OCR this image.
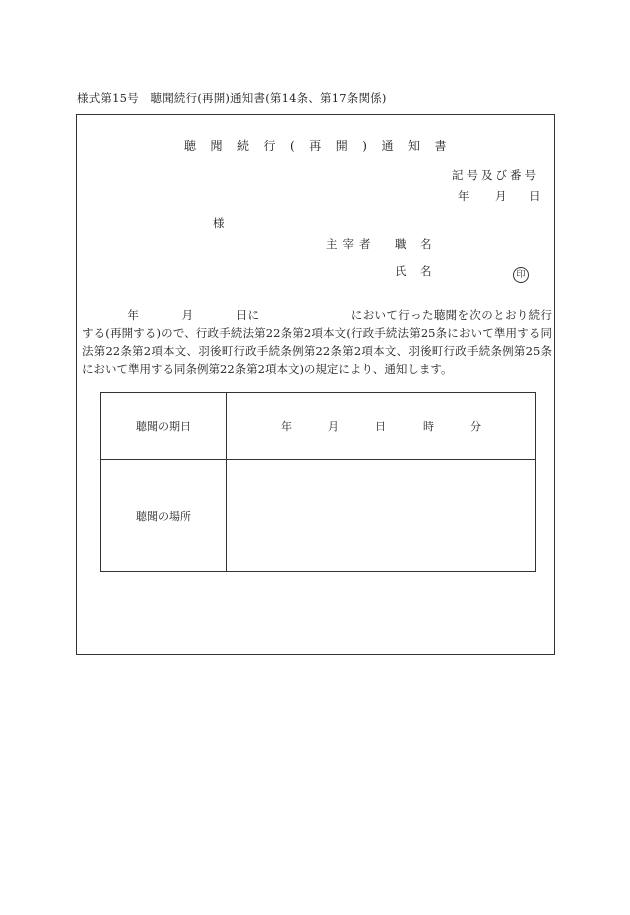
様式第15号　聴聞続行(再開)通知書(第14条、第17条関係)
聴 聞 続 行 ( 再 開 ) 通 知 書
記号及び番号
年 月 日
様
主宰者 職 名
氏 名	印
年	月	日に	において行った聴聞を次のとおり続行する(再開する)ので、行政手続法第22条第2項本文(行政手続法第25条において準用する同法第22条第2項本文、羽後町行政手続条例第22条第2項本文、羽後町行政手続条例第25条において準用する同条例第22条第2項本文)の規定により、通知します。
聴聞の期日	年 月 日 時 分
聴聞の場所	
